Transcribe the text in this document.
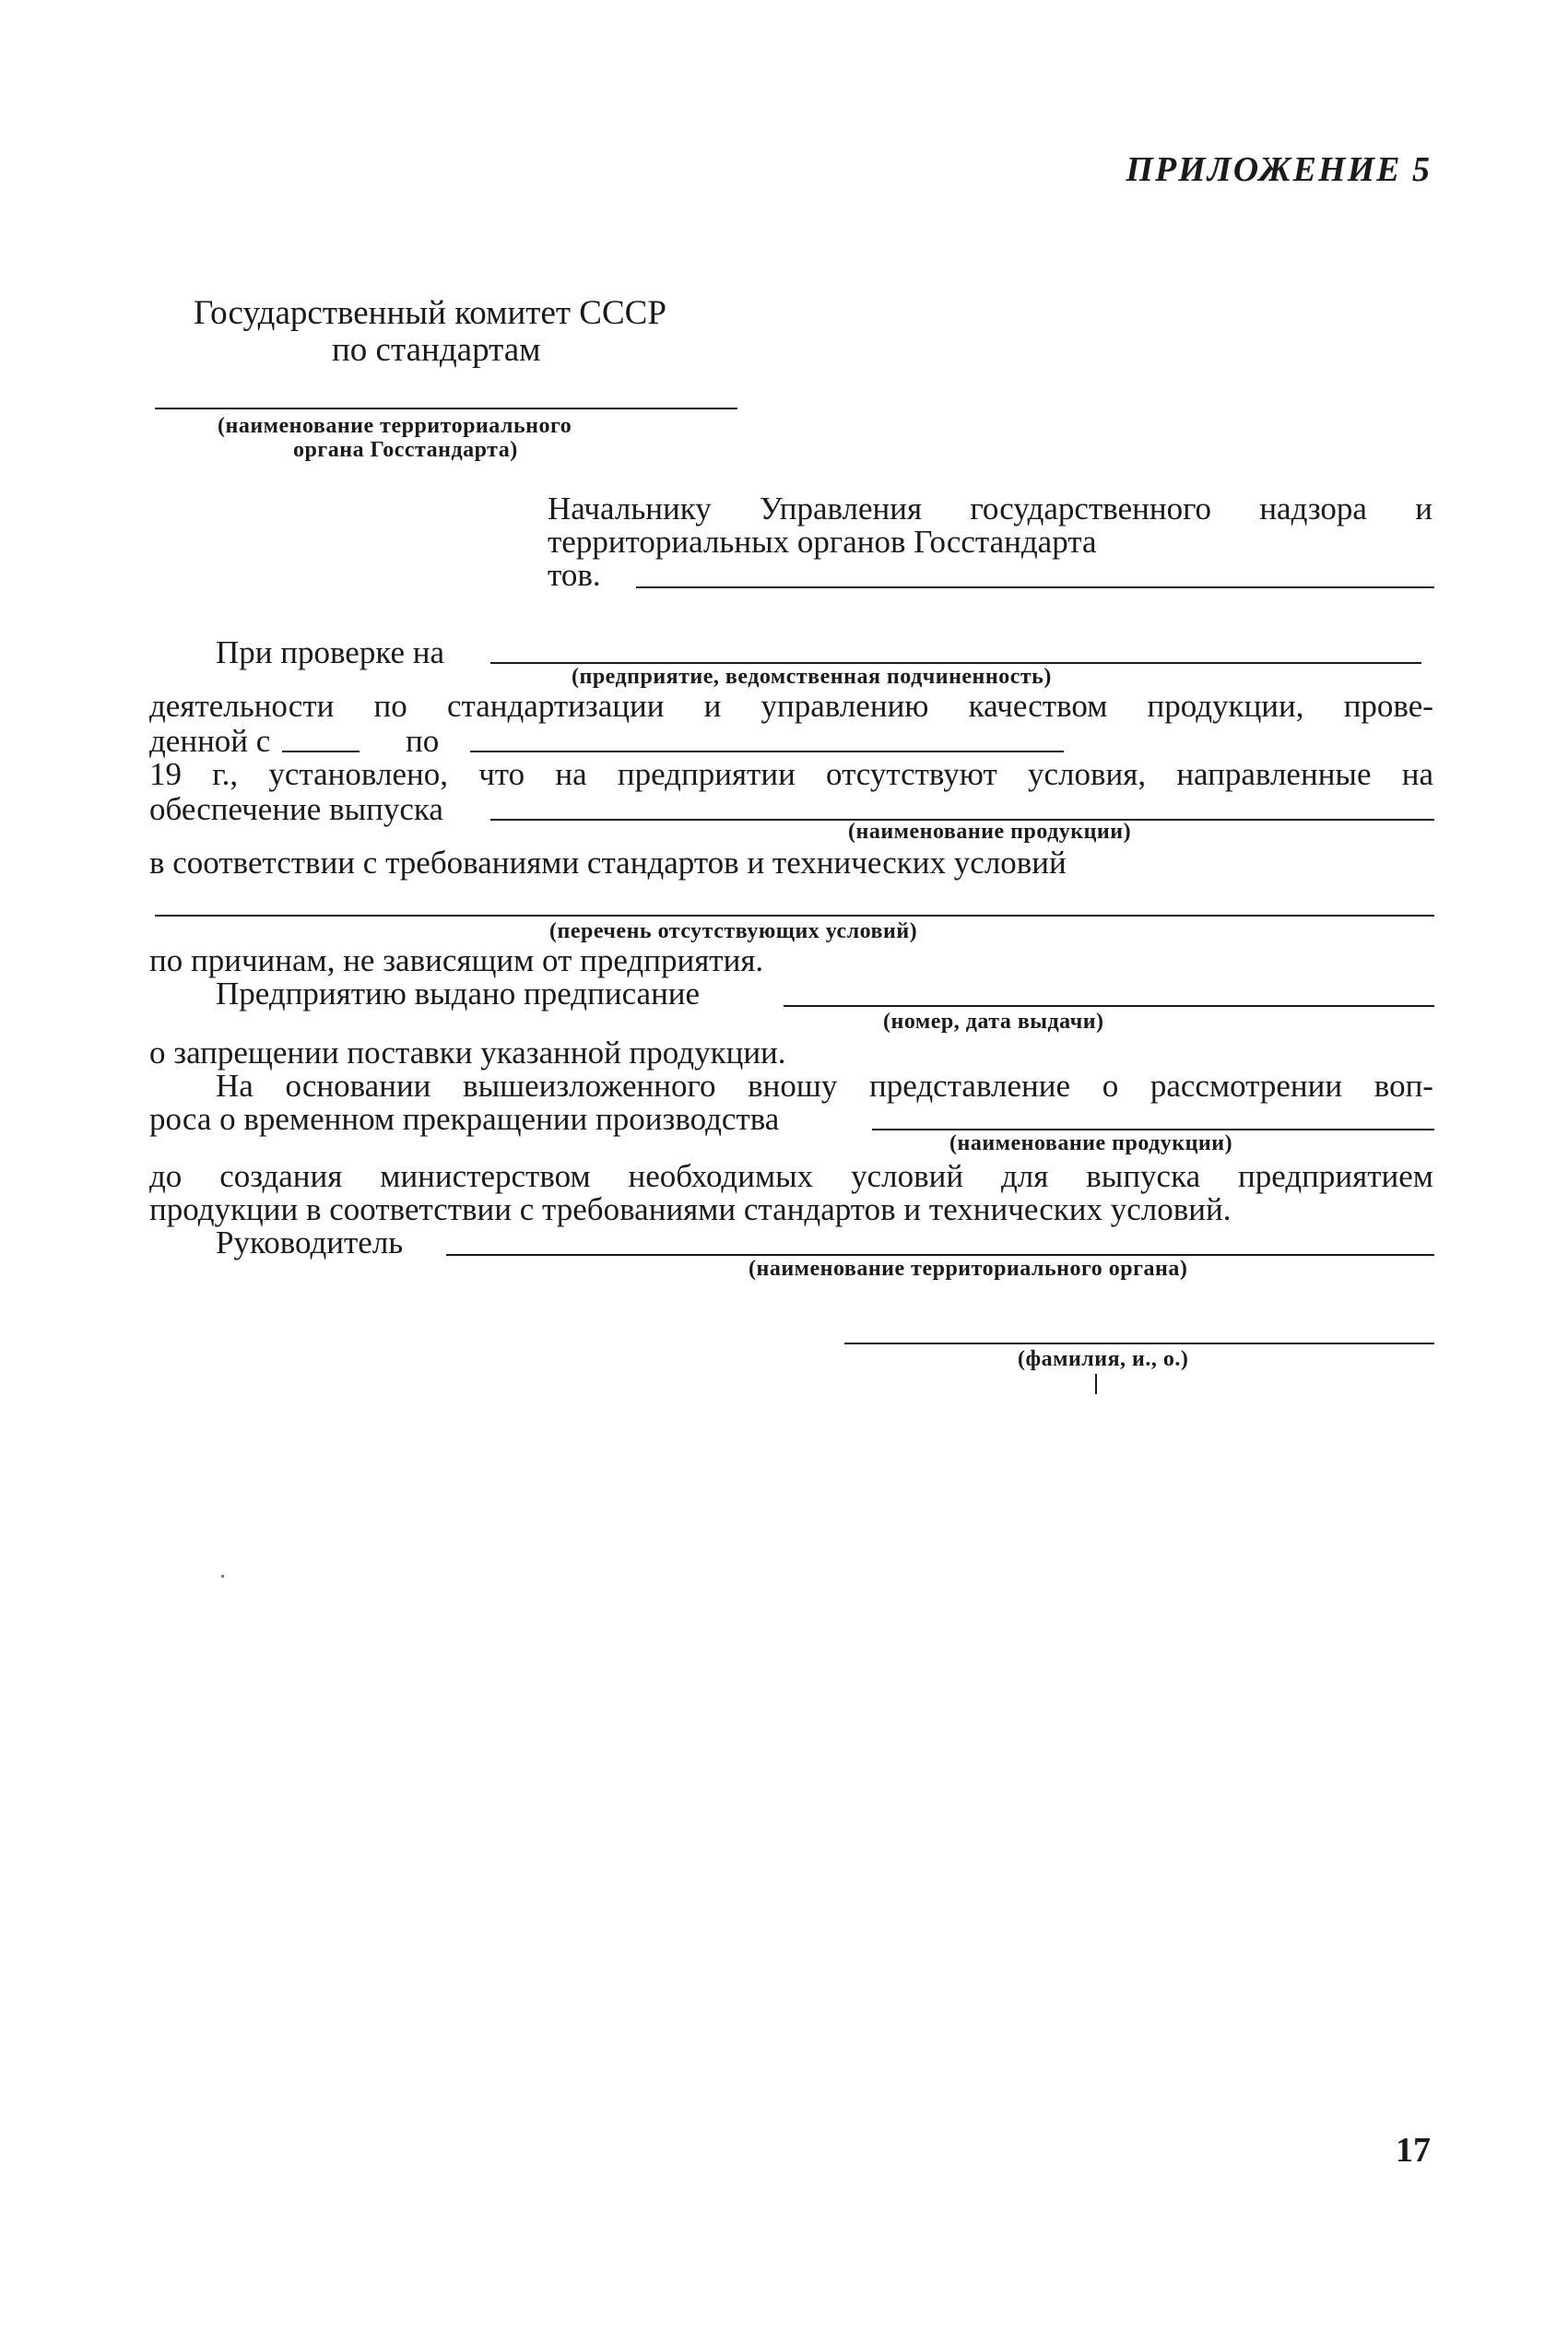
ПРИЛОЖЕНИЕ 5
Государственный комитет СССР
по стандартам
(наименование территориального
органа Госстандарта)
Начальнику Управления государственного надзора и
территориальных органов Госстандарта
тов.
При проверке на
(предприятие, ведомственная подчиненность)
деятельности по стандартизации и управлению качеством продукции, прове-
денной с	по
19 г., установлено, что на предприятии отсутствуют условия, направленные на
обеспечение выпуска
(наименование продукции)
в соответствии с требованиями стандартов и технических условий
(перечень отсутствующих условий)
по причинам, не зависящим от предприятия.
Предприятию выдано предписание
(номер, дата выдачи)
о запрещении поставки указанной продукции.
На основании вышеизложенного вношу представление о рассмотрении воп-
роса о временном прекращении производства
(наименование продукции)
до создания министерством необходимых условий для выпуска предприятием
продукции в соответствии с требованиями стандартов и технических условий.
Руководитель
(наименование территориального органа)
(фамилия, и., о.)
17
